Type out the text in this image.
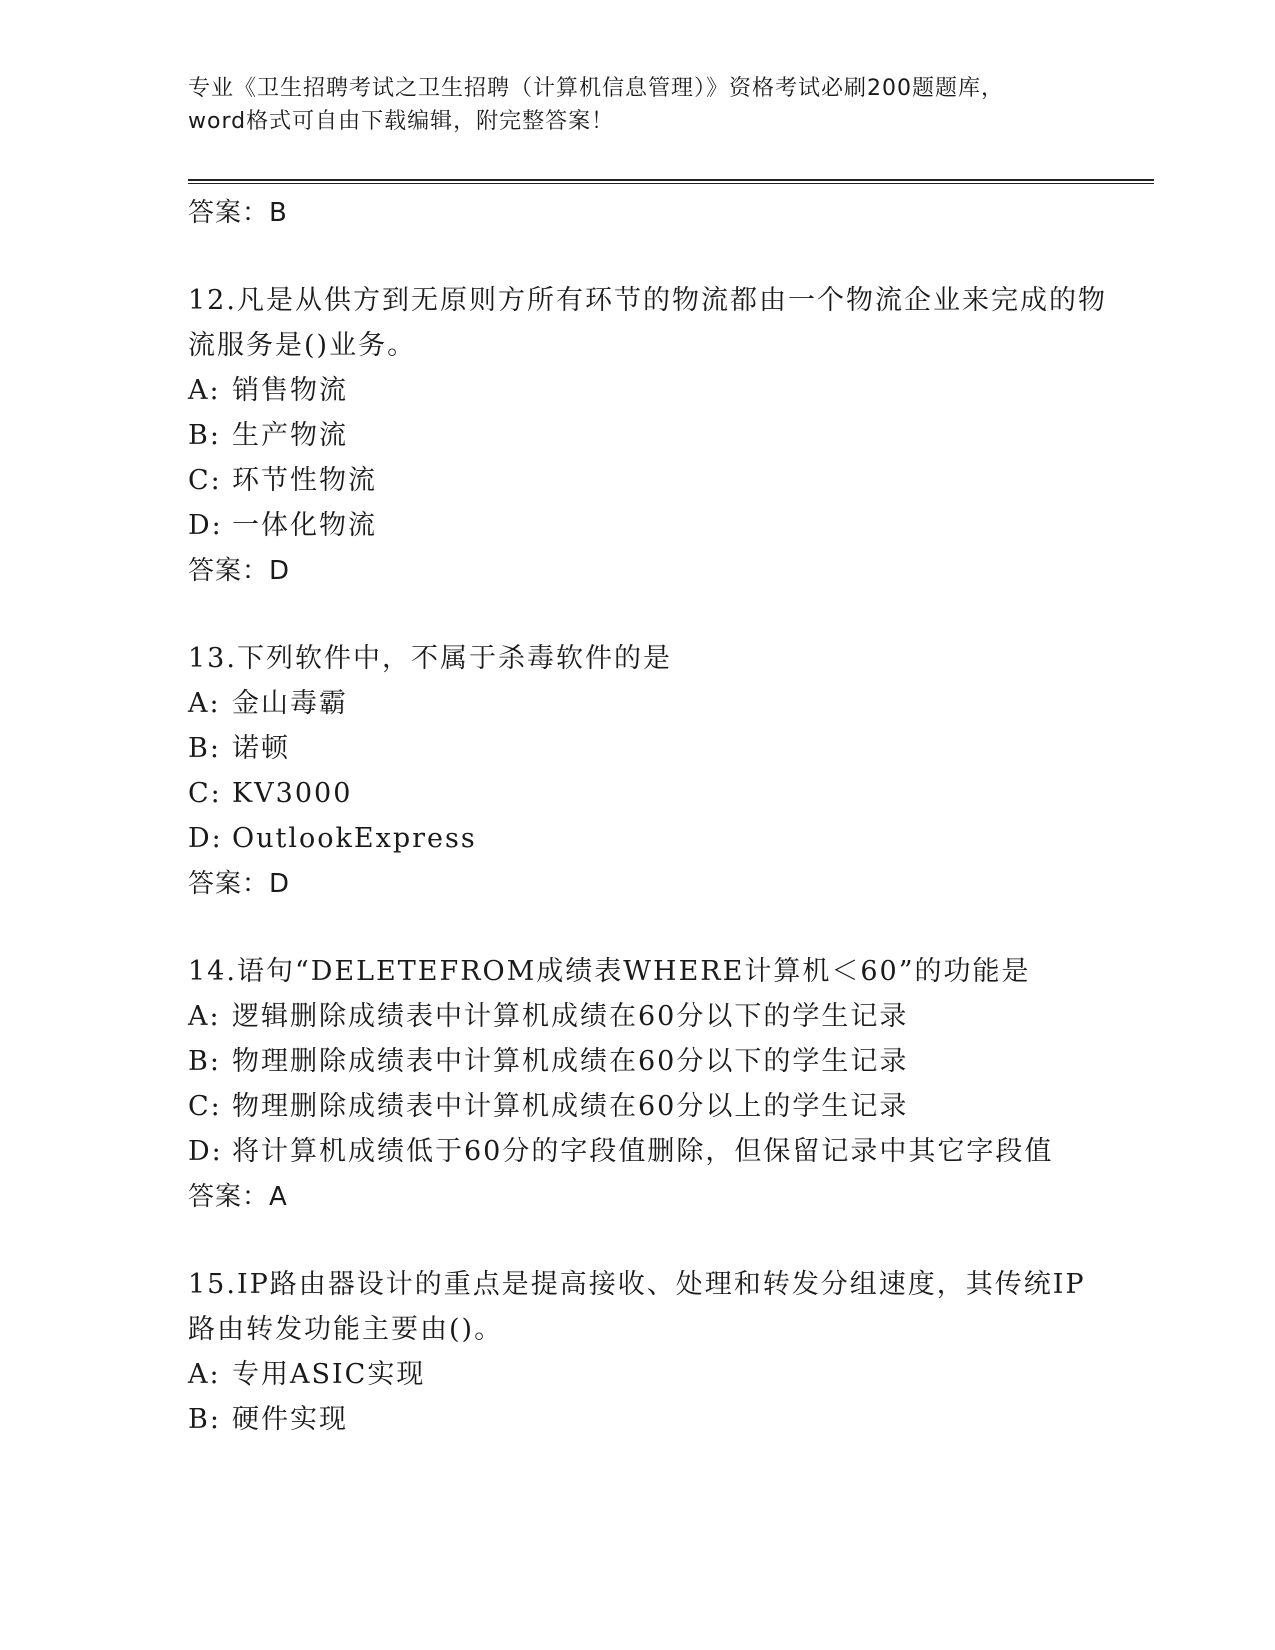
专业《卫生招聘考试之卫生招聘（计算机信息管理）》资格考试必刷200题题库，
word格式可自由下载编辑，附完整答案！
答案：B
12.凡是从供方到无原则方所有环节的物流都由一个物流企业来完成的物流服务是()业务。
A: 销售物流
B: 生产物流
C: 环节性物流
D: 一体化物流
答案：D
13.下列软件中，不属于杀毒软件的是
A: 金山毒霸
B: 诺顿
C: KV3000
D: OutlookExpress
答案：D
14.语句“DELETEFROM成绩表WHERE计算机＜60”的功能是
A: 逻辑删除成绩表中计算机成绩在60分以下的学生记录
B: 物理删除成绩表中计算机成绩在60分以下的学生记录
C: 物理删除成绩表中计算机成绩在60分以上的学生记录
D: 将计算机成绩低于60分的字段值删除，但保留记录中其它字段值
答案：A
15.IP路由器设计的重点是提高接收、处理和转发分组速度，其传统IP路由转发功能主要由()。
A: 专用ASIC实现
B: 硬件实现
